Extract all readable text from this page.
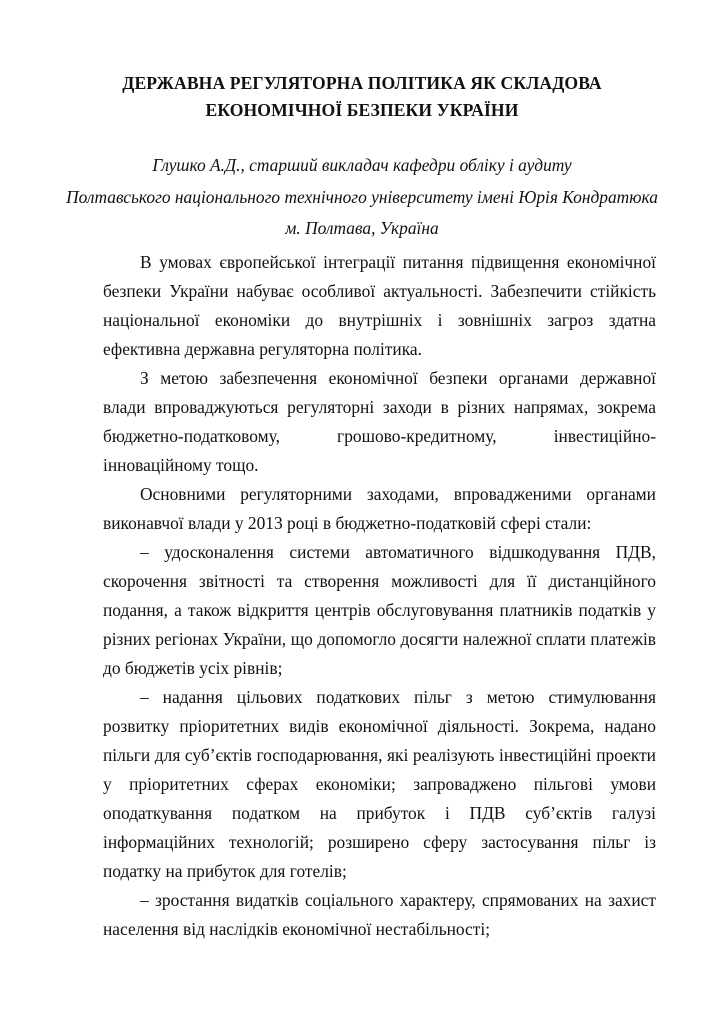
ДЕРЖАВНА РЕГУЛЯТОРНА ПОЛІТИКА ЯК СКЛАДОВА
ЕКОНОМІЧНОЇ БЕЗПЕКИ УКРАЇНИ
Глушко А.Д., старший викладач кафедри обліку і аудиту
Полтавського національного технічного університету імені Юрія Кондратюка
м. Полтава, Україна

В умовах європейської інтеграції питання підвищення економічної безпеки України набуває особливої актуальності. Забезпечити стійкість національної економіки до внутрішніх і зовнішніх загроз здатна ефективна державна регуляторна політика.

З метою забезпечення економічної безпеки органами державної влади впроваджуються регуляторні заходи в різних напрямах, зокрема бюджетно-податковому, грошово-кредитному, інвестиційно-інноваційному тощо.

Основними регуляторними заходами, впровадженими органами виконавчої влади у 2013 році в бюджетно-податковій сфері стали:

– удосконалення системи автоматичного відшкодування ПДВ, скорочення звітності та створення можливості для її дистанційного подання, а також відкриття центрів обслуговування платників податків у різних регіонах України, що допомогло досягти належної сплати платежів до бюджетів усіх рівнів;

– надання цільових податкових пільг з метою стимулювання розвитку пріоритетних видів економічної діяльності. Зокрема, надано пільги для суб’єктів господарювання, які реалізують інвестиційні проекти у пріоритетних сферах економіки; запроваджено пільгові умови оподаткування податком на прибуток і ПДВ суб’єктів галузі інформаційних технологій; розширено сферу застосування пільг із податку на прибуток для готелів;

– зростання видатків соціального характеру, спрямованих на захист населення від наслідків економічної нестабільності;
